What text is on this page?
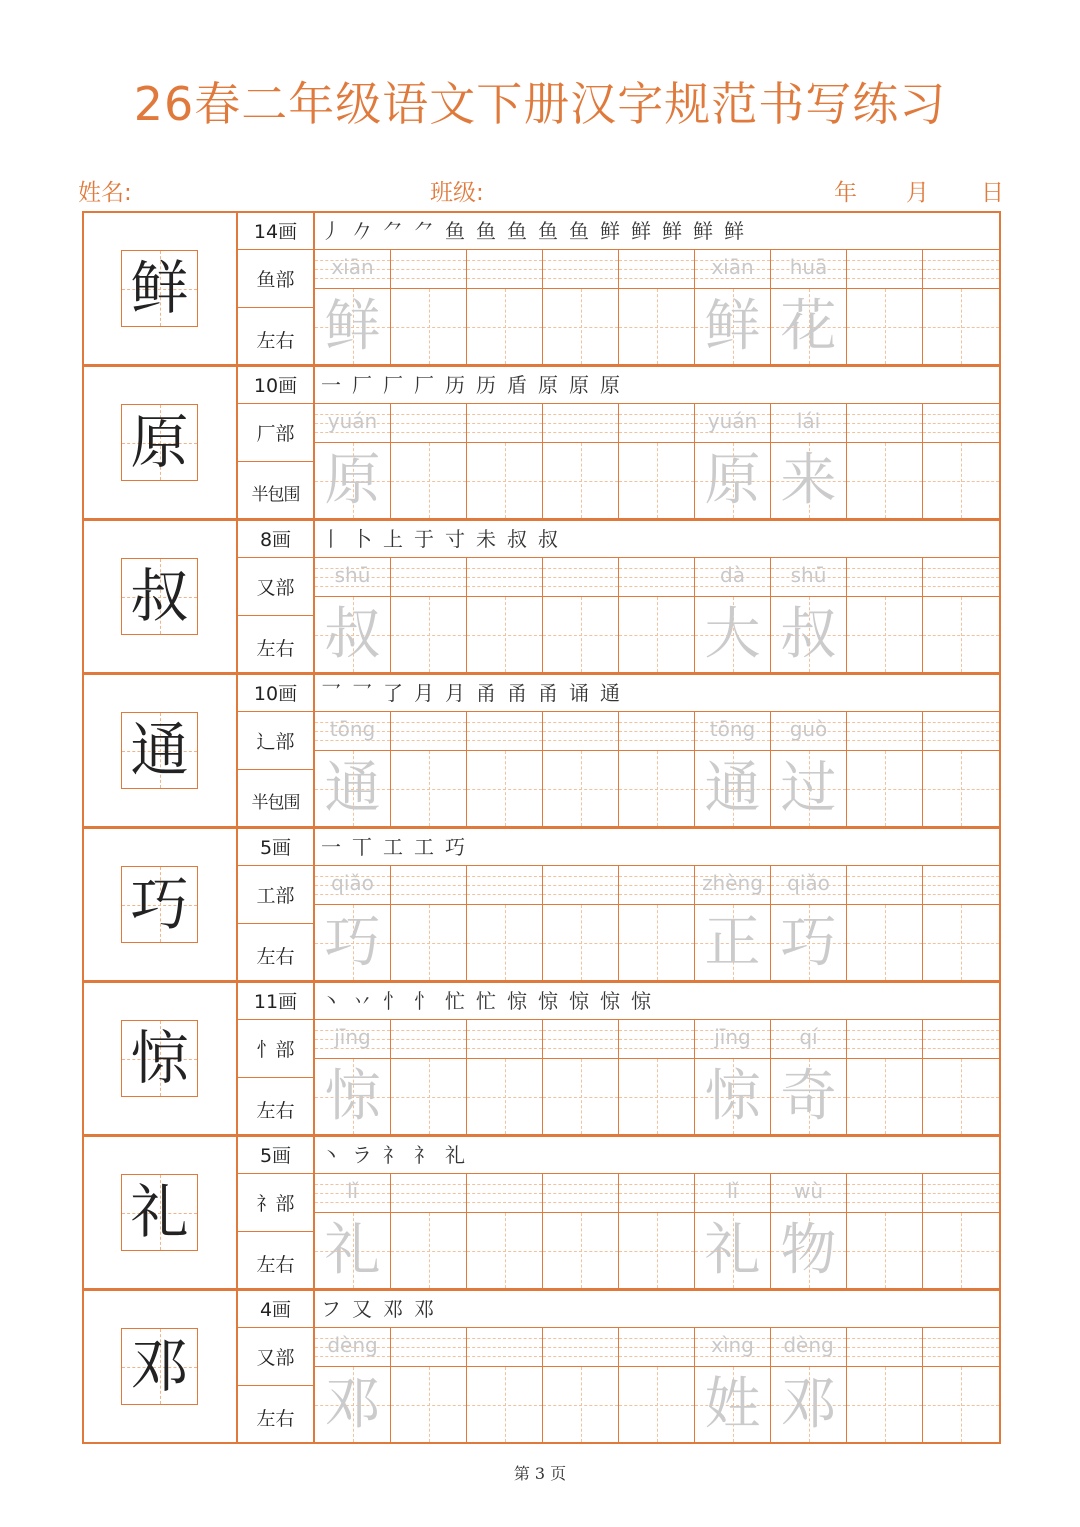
26春二年级语文下册汉字规范书写练习
姓名:	班级:	年 月 日
鲜
14画
鱼部
左右
丿𠂊⺈⺈鱼鱼鱼鱼鱼鲜鲜鲜鲜鲜
xiān
鲜
xiān
鲜
huā
花
原
10画
厂部
半包围
一厂厂厂历历盾原原原
yuán
原
yuán
原
lái
来
叔
8画
又部
左右
丨卜上于寸未叔叔
shū
叔
dà
大
shū
叔
通
10画
辶部
半包围
乛乛了月月甬甬甬诵通
tōng
通
tōng
通
guò
过
巧
5画
工部
左右
一丅工工巧
qiǎo
巧
zhèng
正
qiǎo
巧
惊
11画
忄部
左右
丶丷忄忄忙忙惊惊惊惊惊
jīng
惊
jīng
惊
qí
奇
礼
5画
礻部
左右
丶ラ礻礻礼
lǐ
礼
lǐ
礼
wù
物
邓
4画
又部
左右
フ又邓邓
dèng
邓
xìng
姓
dèng
邓
第 3 页
